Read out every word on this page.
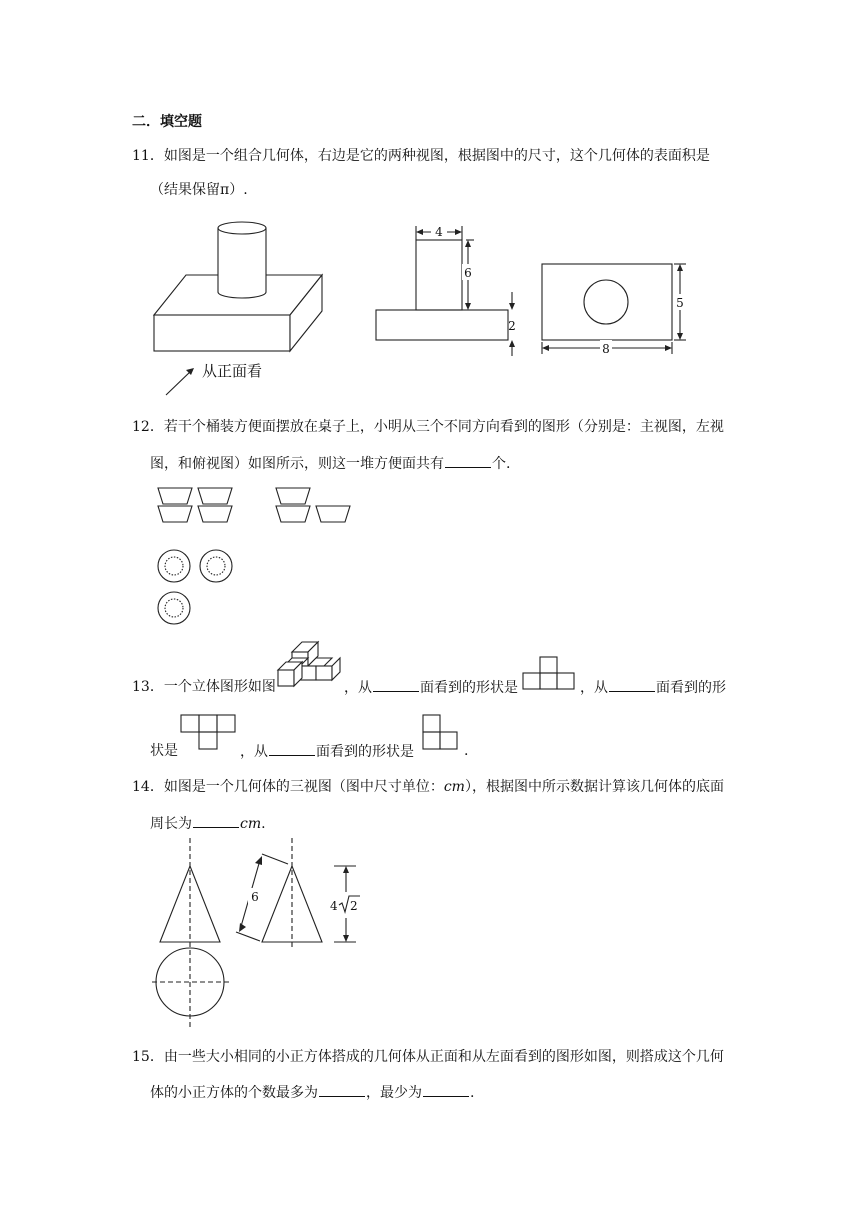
二．填空题
11．如图是一个组合几何体，右边是它的两种视图，根据图中的尺寸，这个几何体的表面积是
（结果保留π）.
从正面看
4
6
2
5
8
12．若干个桶装方便面摆放在桌子上，小明从三个不同方向看到的图形（分别是：主视图，左视
图，和俯视图）如图所示，则这一堆方便面共有	个.
13．一个立体图形如图	，从	面看到的形状是	，从	面看到的形
状是	，从	面看到的形状是	.
14．如图是一个几何体的三视图（图中尺寸单位：cm），根据图中所示数据计算该几何体的底面
周长为	cm.
6
4 2
15．由一些大小相同的小正方体搭成的几何体从正面和从左面看到的图形如图，则搭成这个几何
体的小正方体的个数最多为	，最少为	.
